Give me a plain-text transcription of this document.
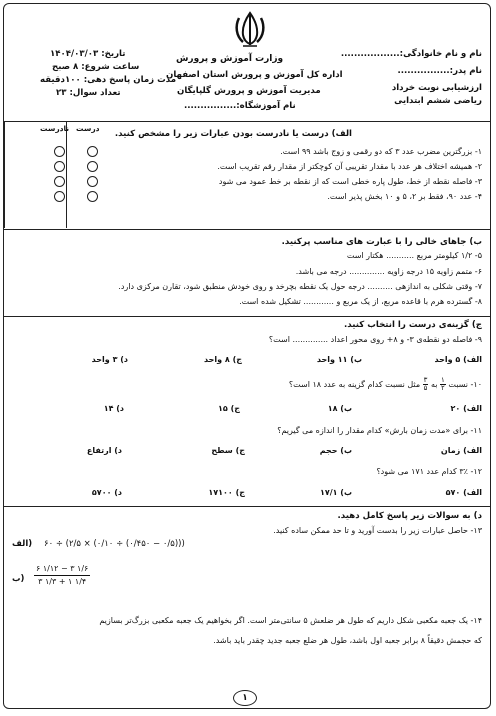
نام و نام خانوادگی:..................
نام پدر:................
ارزشیابی نوبت خرداد
ریاضی ششم ابتدایی
وزارت آموزش و پرورش
اداره کل آموزش و پرورش استان اصفهان
مدیریت آموزش و پرورش گلپایگان
نام آموزشگاه:................
تاریخ: ۱۴۰۴/۰۳/۰۳
ساعت شروع: ۸ صبح
مدت زمان پاسخ دهی: ۱۰۰دقیقه
تعداد سوال: ۲۳
درست
نادرست
الف) درست یا نادرست بودن عبارات زیر را مشخص کنید.
۱- بزرگترین مضرب عدد ۳ که دو رقمی و زوج باشد ۹۹ است.
۲- همیشه اختلاف هر عدد با مقدار تقریبی آن کوچکتر از مقدار رقم تقریب است.
۳- فاصله نقطه از خط، طول پاره خطی است که از نقطه بر خط عمود می شود
۴- عدد ۹۰، فقط بر ۲، ۵ و ۱۰ بخش پذیر است.
ب) جاهای خالی را با عبارت های مناسب پرکنید.
۵- ۱/۲ کیلومتر مربع ........... هکتار است
۶- متمم زاویه ۱۵ درجه زاویه .............. درجه می باشد.
۷- وقتی شکلی به اندازهی .......... درجه حول یک نقطه بچرخد و روی خودش منطبق شود، تقارن مرکزی دارد.
۸- گسترده هرم با قاعده مربع، از یک مربع و ............ تشکیل شده است.
ج) گزینه‌ی درست را انتخاب کنید.
۹- فاصله دو نقطه‌ی ۳- و ۸+ روی محور اعداد .............. است؟
الف) ۵ واحد
ب) ۱۱ واحد
ج) ۸ واحد
د) ۳ واحد
۱۰- نسبت
$\frac{۱}{۲}$
به
$\frac{۳}{۵}$
مثل نسبت کدام گزینه به عدد ۱۸ است؟
الف) ۲۰
ب) ۱۸
ج) ۱۵
د) ۱۴
۱۱- برای «مدت زمان بارش» کدام مقدار را اندازه می گیریم؟
الف) زمان
ب) حجم
ج) سطح
د) ارتفاع
۱۲- ۳٪ کدام عدد ۱۷۱ می شود؟
الف) ۵۷۰
ب) ۱۷/۱
ج) ۱۷۱۰۰
د) ۵۷۰۰
د) به سوالات زیر پاسخ کامل دهید.
۱۳- حاصل عبارات زیر را بدست آورید و تا حد ممکن ساده کنید.
(الف ۶۰ ÷ (۲/۵ × (۰/۱۰ ÷ (۰/۴۵۰ − ۰/۵)))
(ب
۶ ۱/۱۲ − ۳ ۱/۶
۳ ۱/۳ + ۱ ۱/۴
۱۴- یک جعبه مکعبی شکل داریم که طول هر ضلعش ۵ سانتی‌متر است. اگر بخواهیم یک جعبه مکعبی بزرگ‌تر بسازیم
که حجمش دقیقاً ۸ برابر جعبه اول باشد، طول هر ضلع جعبه جدید چقدر باید باشد.
۱
